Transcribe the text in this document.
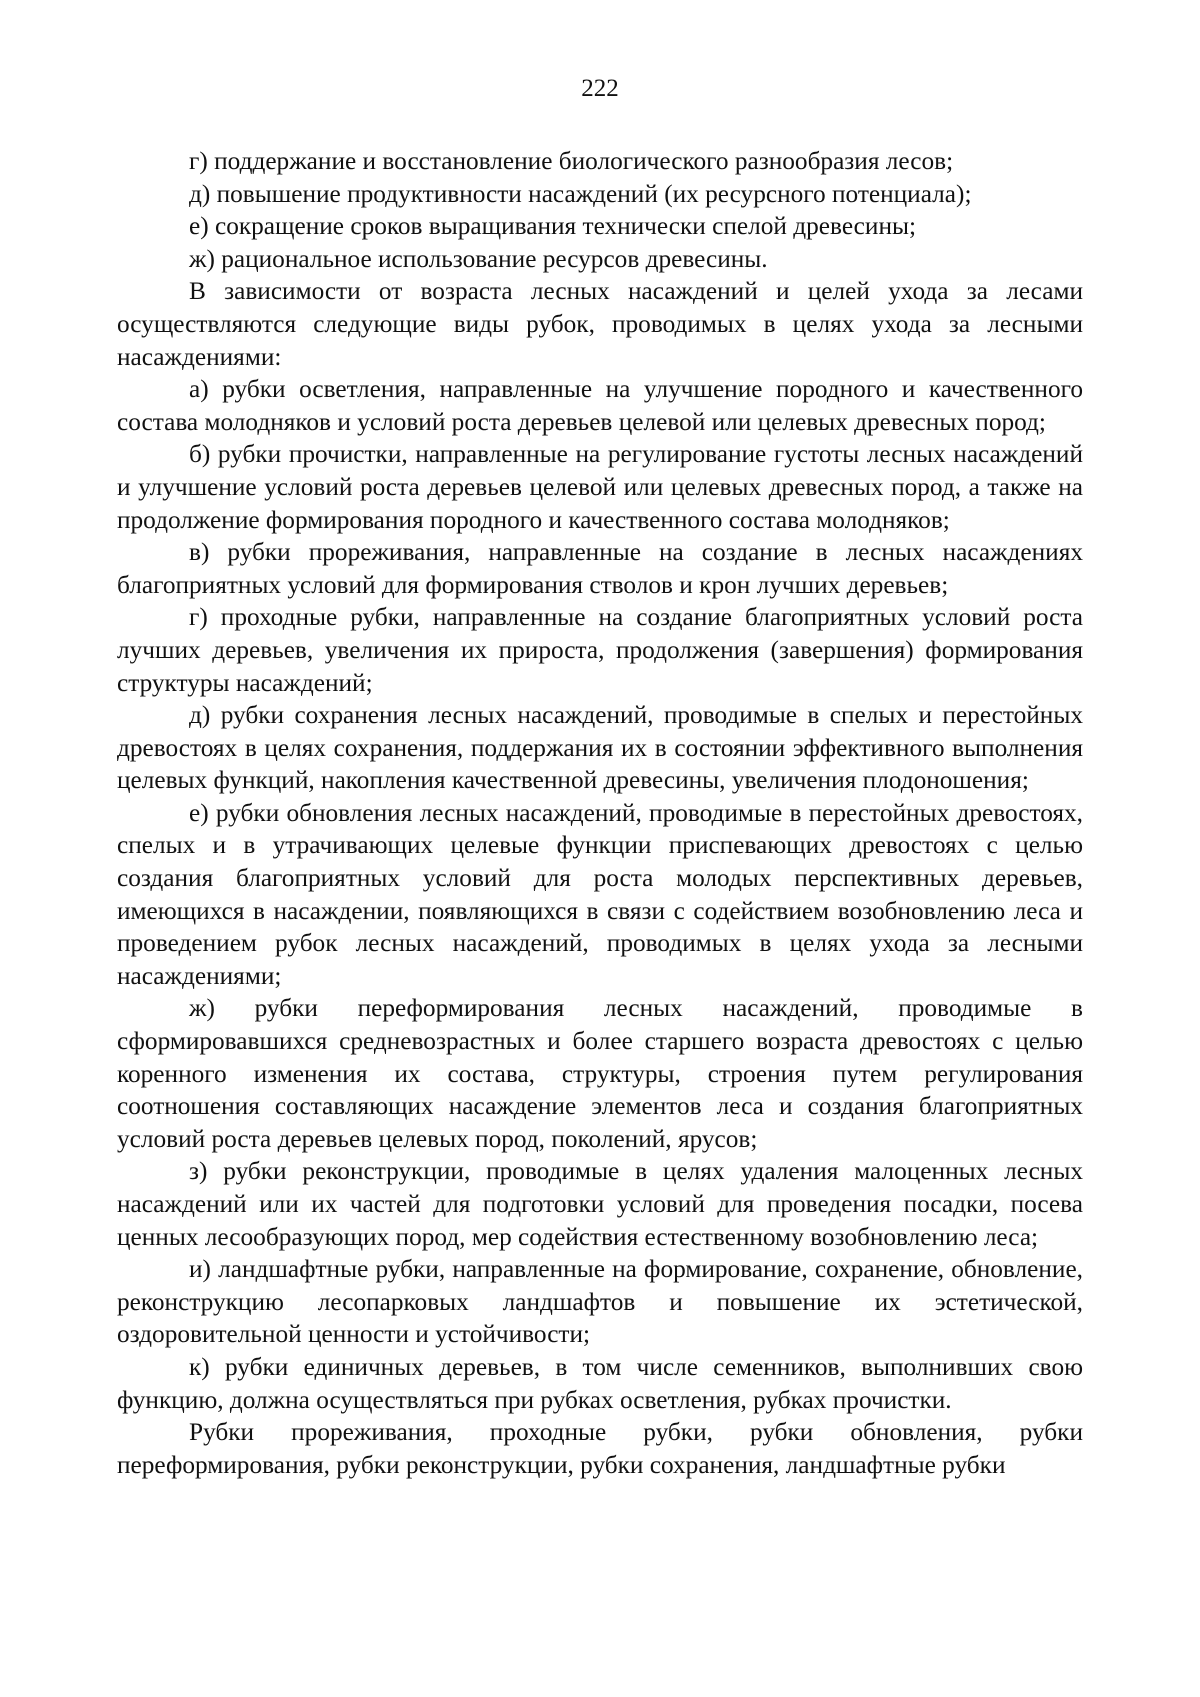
222

г) поддержание и восстановление биологического разнообразия лесов;

д) повышение продуктивности насаждений (их ресурсного потенциала);

е) сокращение сроков выращивания технически спелой древесины;

ж) рациональное использование ресурсов древесины.

В зависимости от возраста лесных насаждений и целей ухода за лесами осуществляются следующие виды рубок, проводимых в целях ухода за лесными насаждениями:

а) рубки осветления, направленные на улучшение породного и качественного состава молодняков и условий роста деревьев целевой или целевых древесных пород;

б) рубки прочистки, направленные на регулирование густоты лесных насаждений и улучшение условий роста деревьев целевой или целевых древесных пород, а также на продолжение формирования породного и качественного состава молодняков;

в) рубки прореживания, направленные на создание в лесных насаждениях благоприятных условий для формирования стволов и крон лучших деревьев;

г) проходные рубки, направленные на создание благоприятных условий роста лучших деревьев, увеличения их прироста, продолжения (завершения) формирования структуры насаждений;

д) рубки сохранения лесных насаждений, проводимые в спелых и перестойных древостоях в целях сохранения, поддержания их в состоянии эффективного выполнения целевых функций, накопления качественной древесины, увеличения плодоношения;

е) рубки обновления лесных насаждений, проводимые в перестойных древостоях, спелых и в утрачивающих целевые функции приспевающих древостоях с целью создания благоприятных условий для роста молодых перспективных деревьев, имеющихся в насаждении, появляющихся в связи с содействием возобновлению леса и проведением рубок лесных насаждений, проводимых в целях ухода за лесными насаждениями;

ж) рубки переформирования лесных насаждений, проводимые в сформировавшихся средневозрастных и более старшего возраста древостоях с целью коренного изменения их состава, структуры, строения путем регулирования соотношения составляющих насаждение элементов леса и создания благоприятных условий роста деревьев целевых пород, поколений, ярусов;

з) рубки реконструкции, проводимые в целях удаления малоценных лесных насаждений или их частей для подготовки условий для проведения посадки, посева ценных лесообразующих пород, мер содействия естественному возобновлению леса;

и) ландшафтные рубки, направленные на формирование, сохранение, обновление, реконструкцию лесопарковых ландшафтов и повышение их эстетической, оздоровительной ценности и устойчивости;

к) рубки единичных деревьев, в том числе семенников, выполнивших свою функцию, должна осуществляться при рубках осветления, рубках прочистки.

Рубки прореживания, проходные рубки, рубки обновления, рубки переформирования, рубки реконструкции, рубки сохранения, ландшафтные рубки
